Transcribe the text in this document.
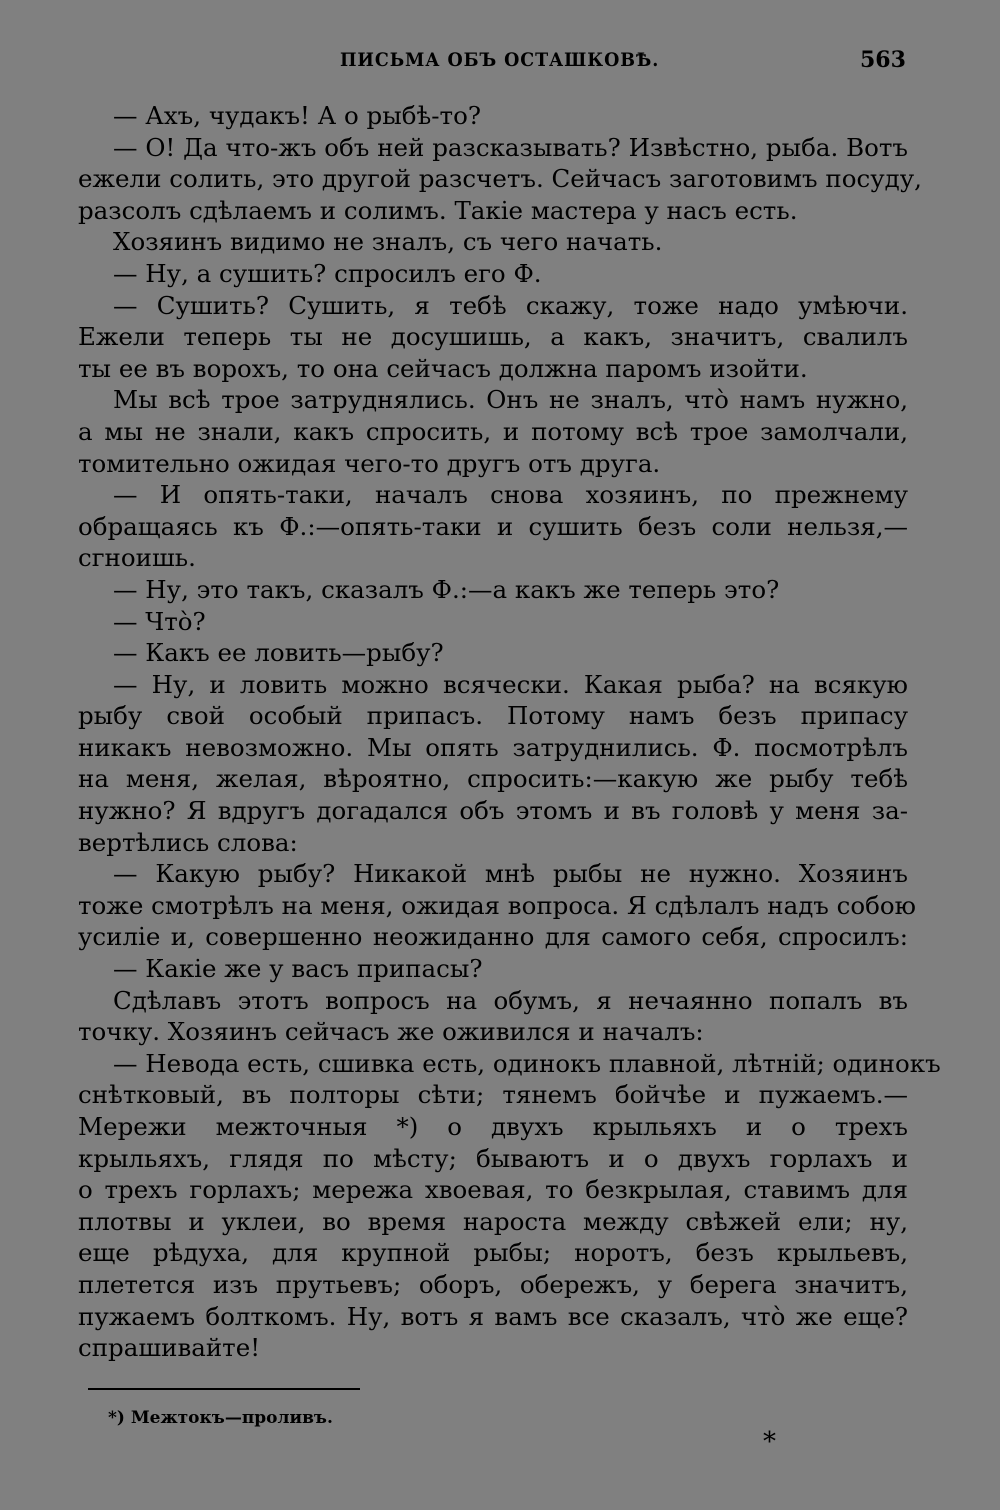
ПИСЬМА ОБЪ ОСТАШКОВѢ.	563
— Ахъ, чудакъ! А о рыбѣ-то?
— О! Да что-жъ объ ней разсказывать? Извѣстно, рыба. Вотъ
ежели солить, это другой разсчетъ. Сейчасъ заготовимъ посуду,
разсолъ сдѣлаемъ и солимъ. Такіе мастера у насъ есть.
Хозяинъ видимо не зналъ, съ чего начать.
— Ну, а сушить? спросилъ его Ф.
— Сушить? Сушить, я тебѣ скажу, тоже надо умѣючи.
Ежели теперь ты не досушишь, а какъ, значитъ, свалилъ
ты ее въ ворохъ, то она сейчасъ должна паромъ изойти.
Мы всѣ трое затруднялись. Онъ не зналъ, что̀ намъ нужно,
а мы не знали, какъ спросить, и потому всѣ трое замолчали,
томительно ожидая чего-то другъ отъ друга.
— И опять-таки, началъ снова хозяинъ, по прежнему
обращаясь къ Ф.:—опять-таки и сушить безъ соли нельзя,—
сгноишь.
— Ну, это такъ, сказалъ Ф.:—а какъ же теперь это?
— Что̀?
— Какъ ее ловить—рыбу?
— Ну, и ловить можно всячески. Какая рыба? на всякую
рыбу свой особый припасъ. Потому намъ безъ припасу
никакъ невозможно. Мы опять затруднились. Ф. посмотрѣлъ
на меня, желая, вѣроятно, спросить:—какую же рыбу тебѣ
нужно? Я вдругъ догадался объ этомъ и въ головѣ у меня за-
вертѣлись слова:
— Какую рыбу? Никакой мнѣ рыбы не нужно. Хозяинъ
тоже смотрѣлъ на меня, ожидая вопроса. Я сдѣлалъ надъ собою
усиліе и, совершенно неожиданно для самого себя, спросилъ:
— Какіе же у васъ припасы?
Сдѣлавъ этотъ вопросъ на обумъ, я нечаянно попалъ въ
точку. Хозяинъ сейчасъ же оживился и началъ:
— Невода есть, сшивка есть, одинокъ плавной, лѣтній; одинокъ
снѣтковый, въ полторы сѣти; тянемъ бойчѣе и пужаемъ.—
Мережи межточныя *) о двухъ крыльяхъ и о трехъ
крыльяхъ, глядя по мѣсту; бываютъ и о двухъ горлахъ и
о трехъ горлахъ; мережа хвоевая, то безкрылая, ставимъ для
плотвы и уклеи, во время нароста между свѣжей ели; ну,
еще рѣдуха, для крупной рыбы; норотъ, безъ крыльевъ,
плетется изъ прутьевъ; оборъ, обережъ, у берега значитъ,
пужаемъ болткомъ. Ну, вотъ я вамъ все сказалъ, что̀ же еще?
спрашивайте!
*) Межтокъ—проливъ.
*
